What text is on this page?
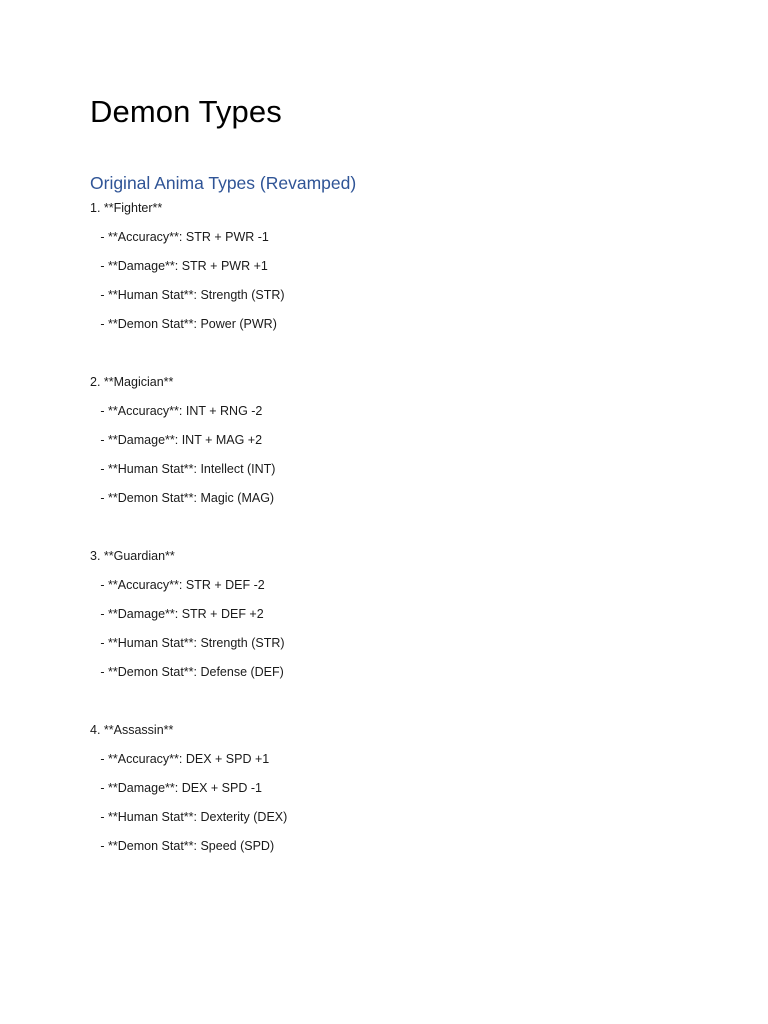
Demon Types
Original Anima Types (Revamped)
1. **Fighter**
- **Accuracy**: STR + PWR -1
- **Damage**: STR + PWR +1
- **Human Stat**: Strength (STR)
- **Demon Stat**: Power (PWR)
2. **Magician**
- **Accuracy**: INT + RNG -2
- **Damage**: INT + MAG +2
- **Human Stat**: Intellect (INT)
- **Demon Stat**: Magic (MAG)
3. **Guardian**
- **Accuracy**: STR + DEF -2
- **Damage**: STR + DEF +2
- **Human Stat**: Strength (STR)
- **Demon Stat**: Defense (DEF)
4. **Assassin**
- **Accuracy**: DEX + SPD +1
- **Damage**: DEX + SPD -1
- **Human Stat**: Dexterity (DEX)
- **Demon Stat**: Speed (SPD)
